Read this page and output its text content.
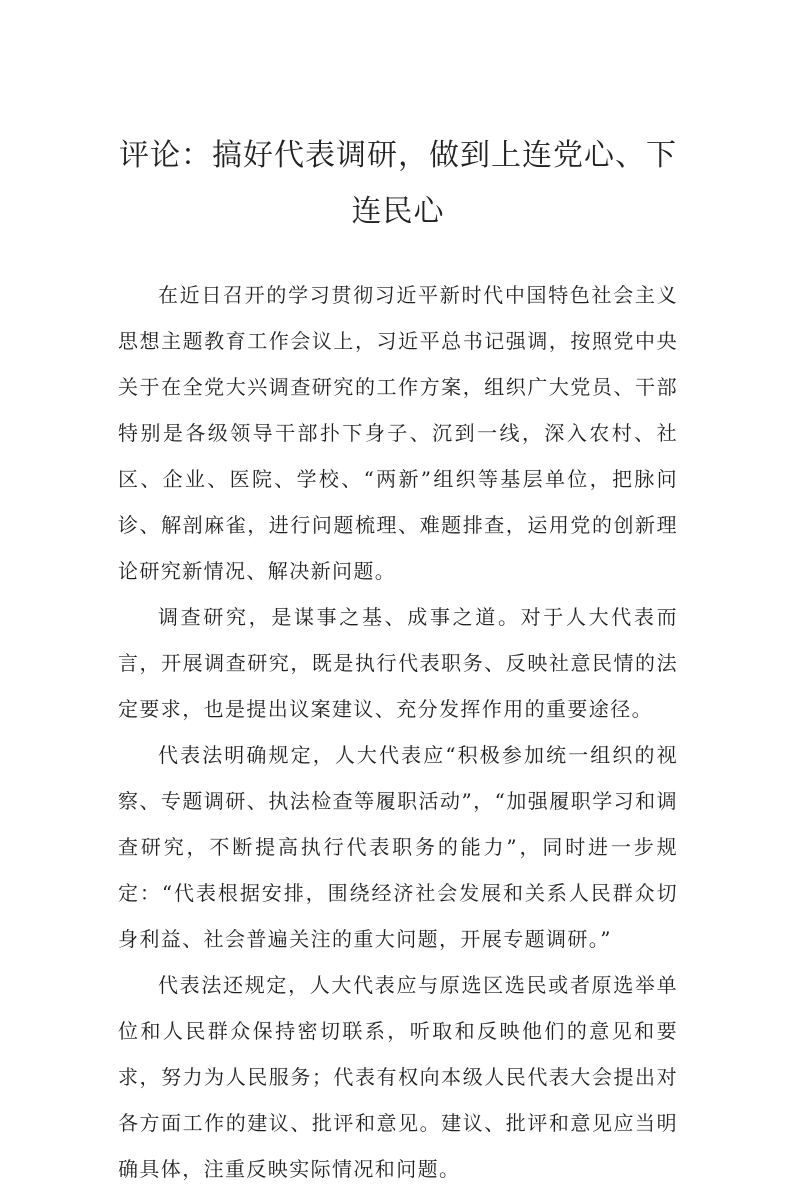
评论：搞好代表调研，做到上连党心、下连民心

在近日召开的学习贯彻习近平新时代中国特色社会主义思想主题教育工作会议上，习近平总书记强调，按照党中央关于在全党大兴调查研究的工作方案，组织广大党员、干部特别是各级领导干部扑下身子、沉到一线，深入农村、社区、企业、医院、学校、“两新”组织等基层单位，把脉问诊、解剖麻雀，进行问题梳理、难题排查，运用党的创新理论研究新情况、解决新问题。

调查研究，是谋事之基、成事之道。对于人大代表而言，开展调查研究，既是执行代表职务、反映社意民情的法定要求，也是提出议案建议、充分发挥作用的重要途径。

代表法明确规定，人大代表应“积极参加统一组织的视察、专题调研、执法检查等履职活动”，“加强履职学习和调查研究，不断提高执行代表职务的能力”，同时进一步规定：“代表根据安排，围绕经济社会发展和关系人民群众切身利益、社会普遍关注的重大问题，开展专题调研。”

代表法还规定，人大代表应与原选区选民或者原选举单位和人民群众保持密切联系，听取和反映他们的意见和要求，努力为人民服务；代表有权向本级人民代表大会提出对各方面工作的建议、批评和意见。建议、批评和意见应当明确具体，注重反映实际情况和问题。
